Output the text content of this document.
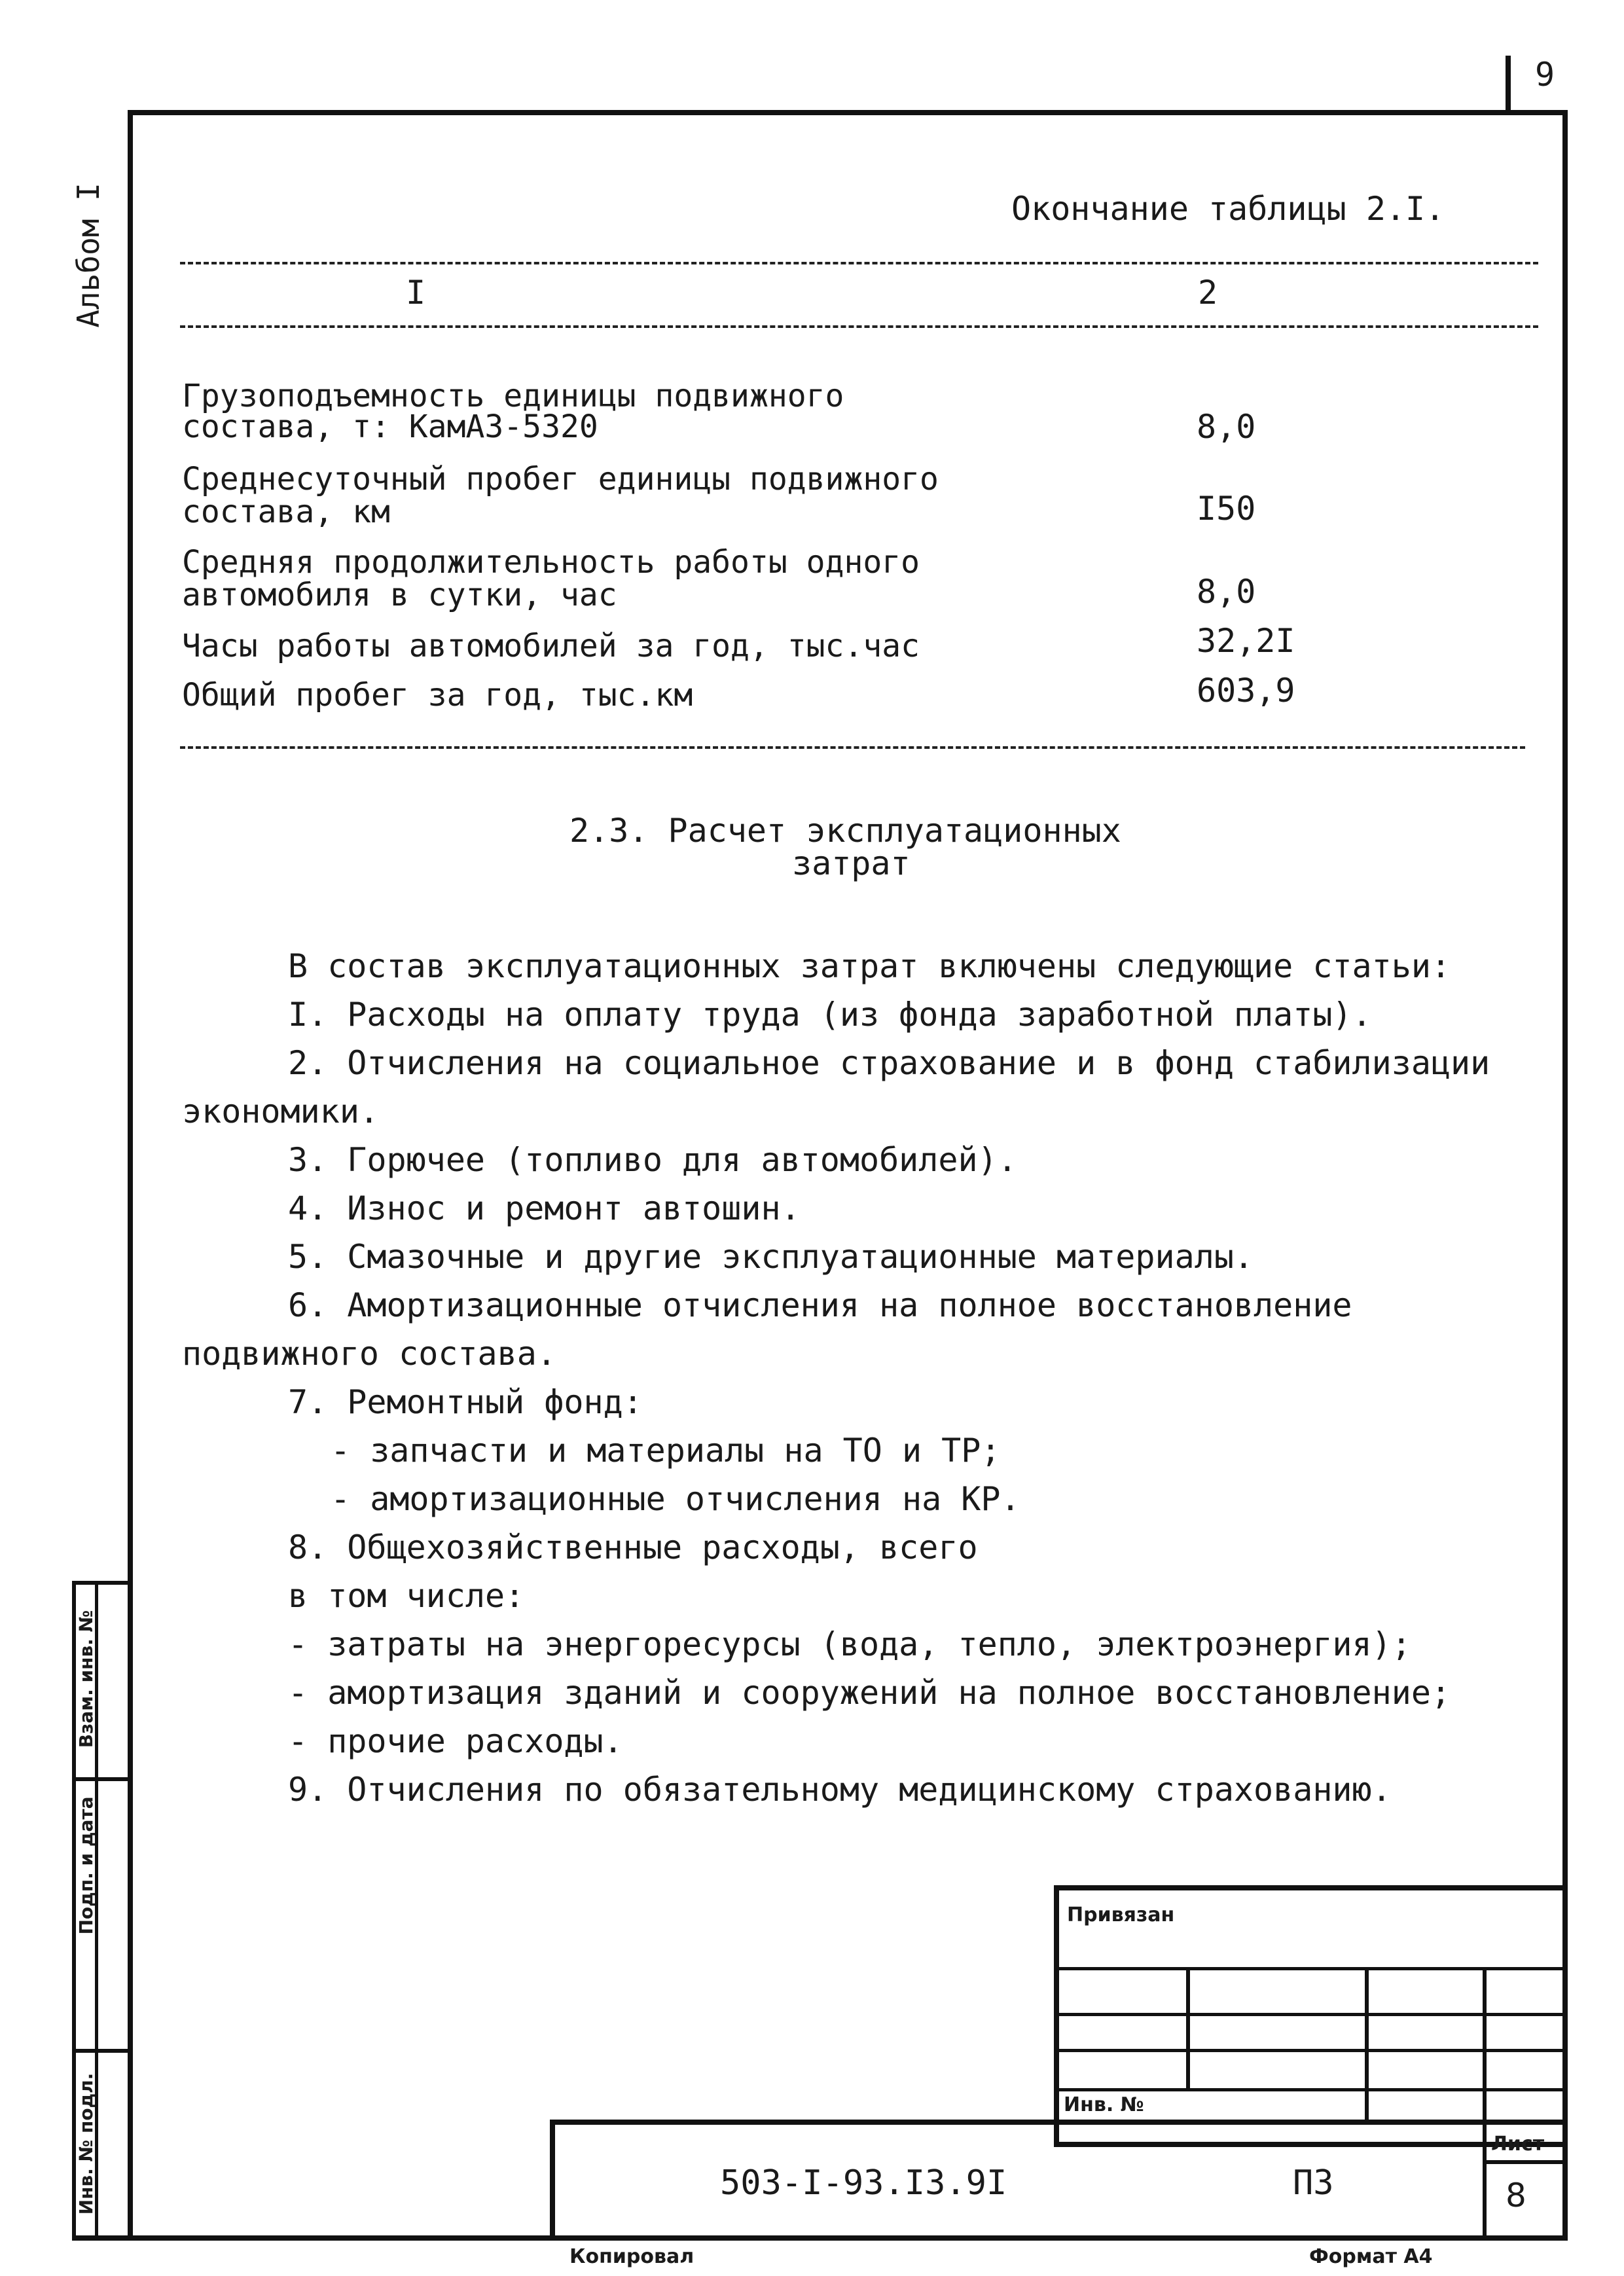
9
Альбом I	Окончание таблицы 2.I.
I	2
Грузоподъемность единицы подвижного
состава, т: КамАЗ-5320	8,0
Среднесуточный пробег единицы подвижного
состава, км	I50
Средняя продолжительность работы одного
автомобиля в сутки, час	8,0
Часы работы автомобилей за год, тыс.час	32,2I
Общий пробег за год, тыс.км	603,9
2.3. Расчет эксплуатационных
затрат
В состав эксплуатационных затрат включены следующие статьи:
I. Расходы на оплату труда (из фонда заработной платы).
2. Отчисления на социальное страхование и в фонд стабилизации
экономики.
3. Горючее (топливо для автомобилей).
4. Износ и ремонт автошин.
5. Смазочные и другие эксплуатационные материалы.
6. Амортизационные отчисления на полное восстановление
подвижного состава.
7. Ремонтный фонд:
- запчасти и материалы на ТО и ТР;
- амортизационные отчисления на КР.
8. Общехозяйственные расходы, всего
в том числе:
- затраты на энергоресурсы (вода, тепло, электроэнергия);
- амортизация зданий и сооружений на полное восстановление;
- прочие расходы.
9. Отчисления по обязательному медицинскому страхованию.
Привязан
Инв. №
503-I-93.I3.9I	ПЗ
Лист
8
Копировал	Формат А4
Взам. инв. №
Подп. и дата
Инв. № подл.
